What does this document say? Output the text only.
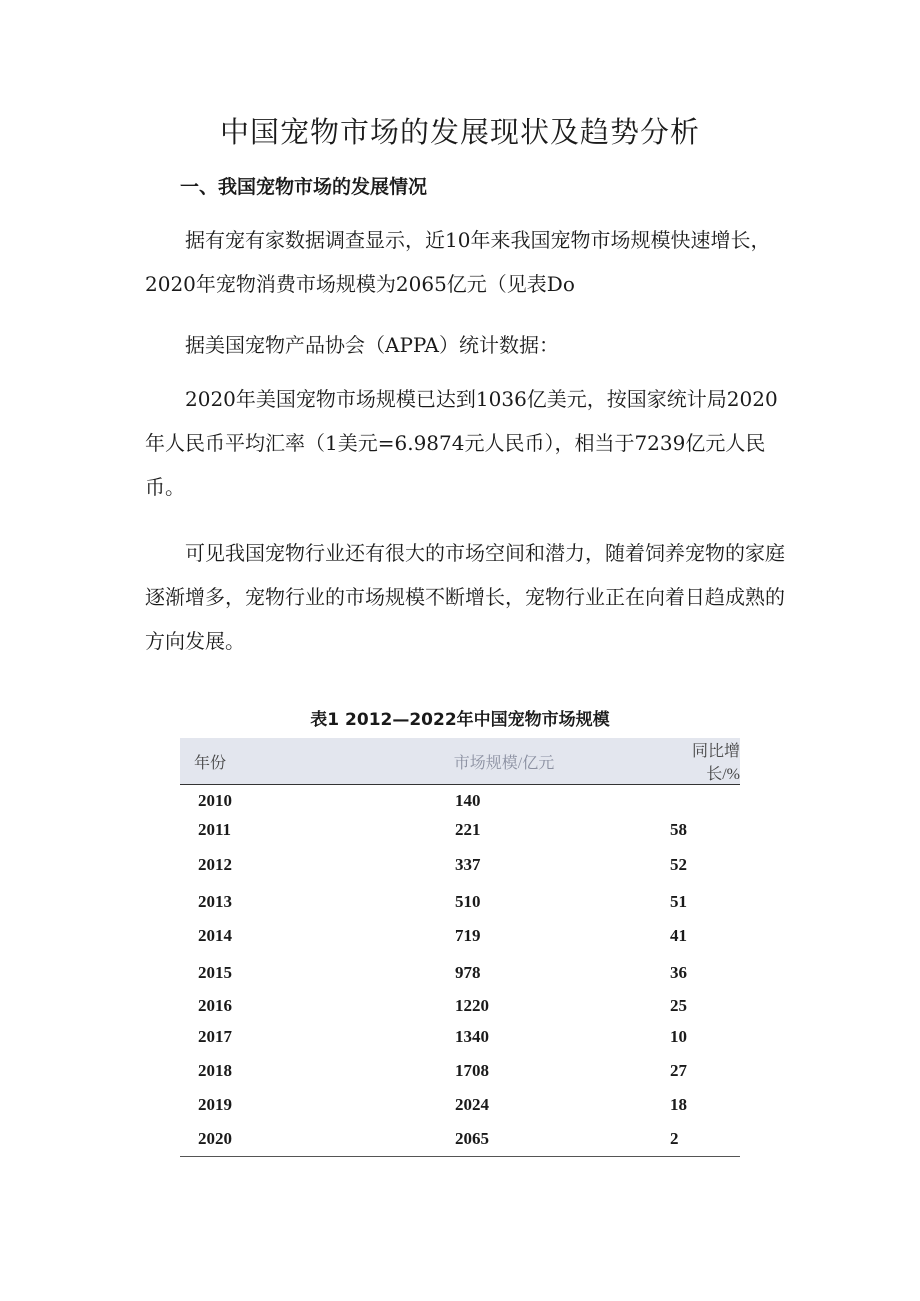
中国宠物市场的发展现状及趋势分析
一、我国宠物市场的发展情况
据有宠有家数据调查显示，近10年来我国宠物市场规模快速增长，2020年宠物消费市场规模为2065亿元（见表Do
据美国宠物产品协会（APPA）统计数据：
2020年美国宠物市场规模已达到1036亿美元，按国家统计局2020年人民币平均汇率（1美元=6.9874元人民币），相当于7239亿元人民币。
可见我国宠物行业还有很大的市场空间和潜力，随着饲养宠物的家庭逐渐增多，宠物行业的市场规模不断增长，宠物行业正在向着日趋成熟的方向发展。
表1 2012—2022年中国宠物市场规模
年份	市场规模/亿元	同比增长/%
2010	140	
2011	221	58
2012	337	52
2013	510	51
2014	719	41
2015	978	36
2016	1220	25
2017	1340	10
2018	1708	27
2019	2024	18
2020	2065	2
